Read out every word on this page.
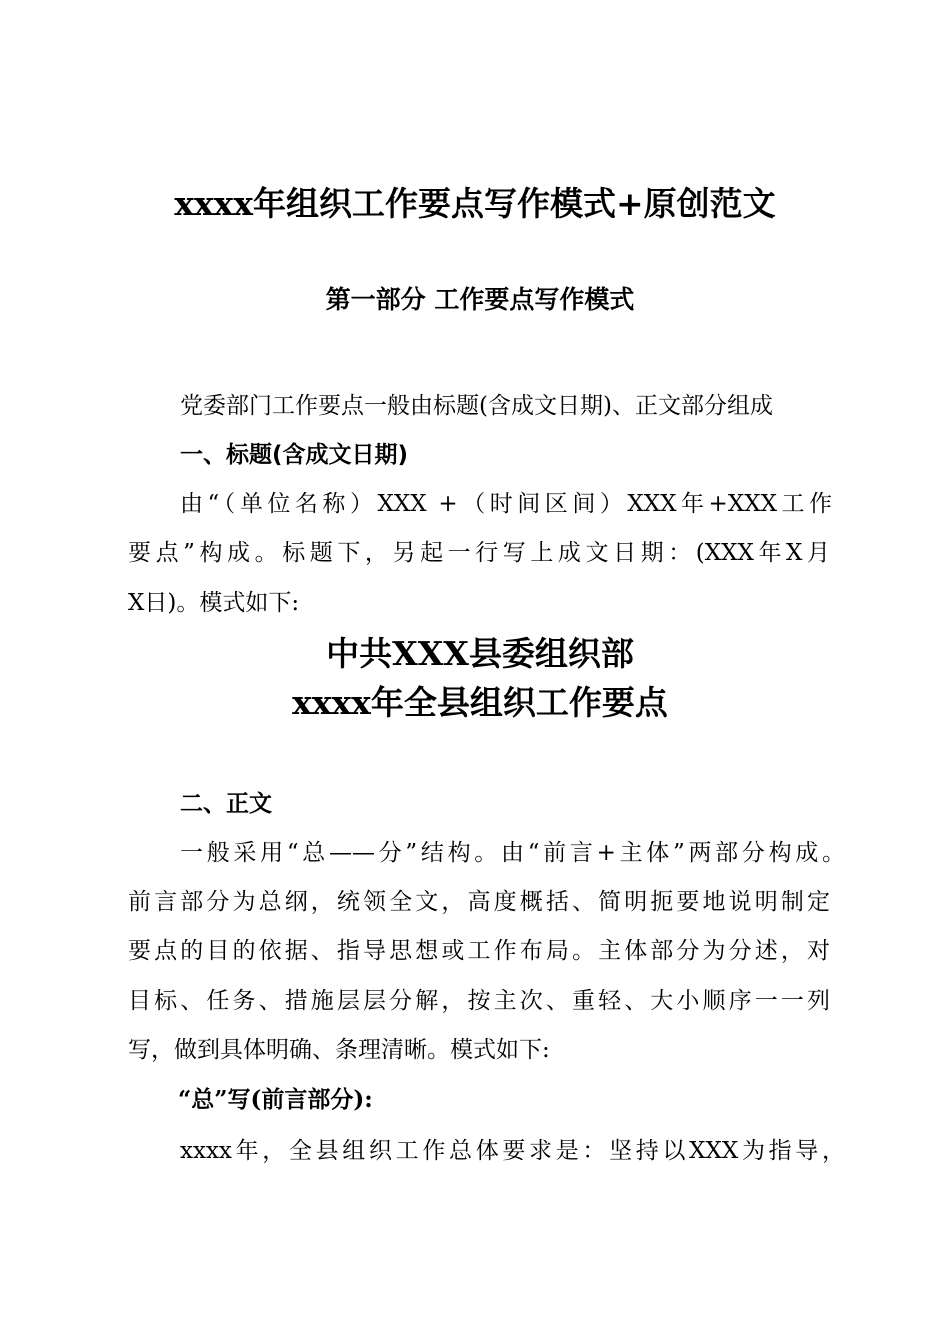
xxxx年组织工作要点写作模式+原创范文
第一部分 工作要点写作模式
党委部门工作要点一般由标题(含成文日期)、正文部分组成
一、标题(含成文日期)
由“（单位名称）XXX +（时间区间）XXX年+XXX工作
要点”构成。标题下，另起一行写上成文日期：(XXX年X月
X日)。模式如下:
中共XXX县委组织部
xxxx年全县组织工作要点
二、正文
一般采用“总——分”结构。由“前言+主体”两部分构成。
前言部分为总纲，统领全文，高度概括、简明扼要地说明制定
要点的目的依据、指导思想或工作布局。主体部分为分述，对
目标、任务、措施层层分解，按主次、重轻、大小顺序一一列
写，做到具体明确、条理清晰。模式如下:
“总”写(前言部分):
xxxx年，全县组织工作总体要求是：坚持以XXX为指导，
